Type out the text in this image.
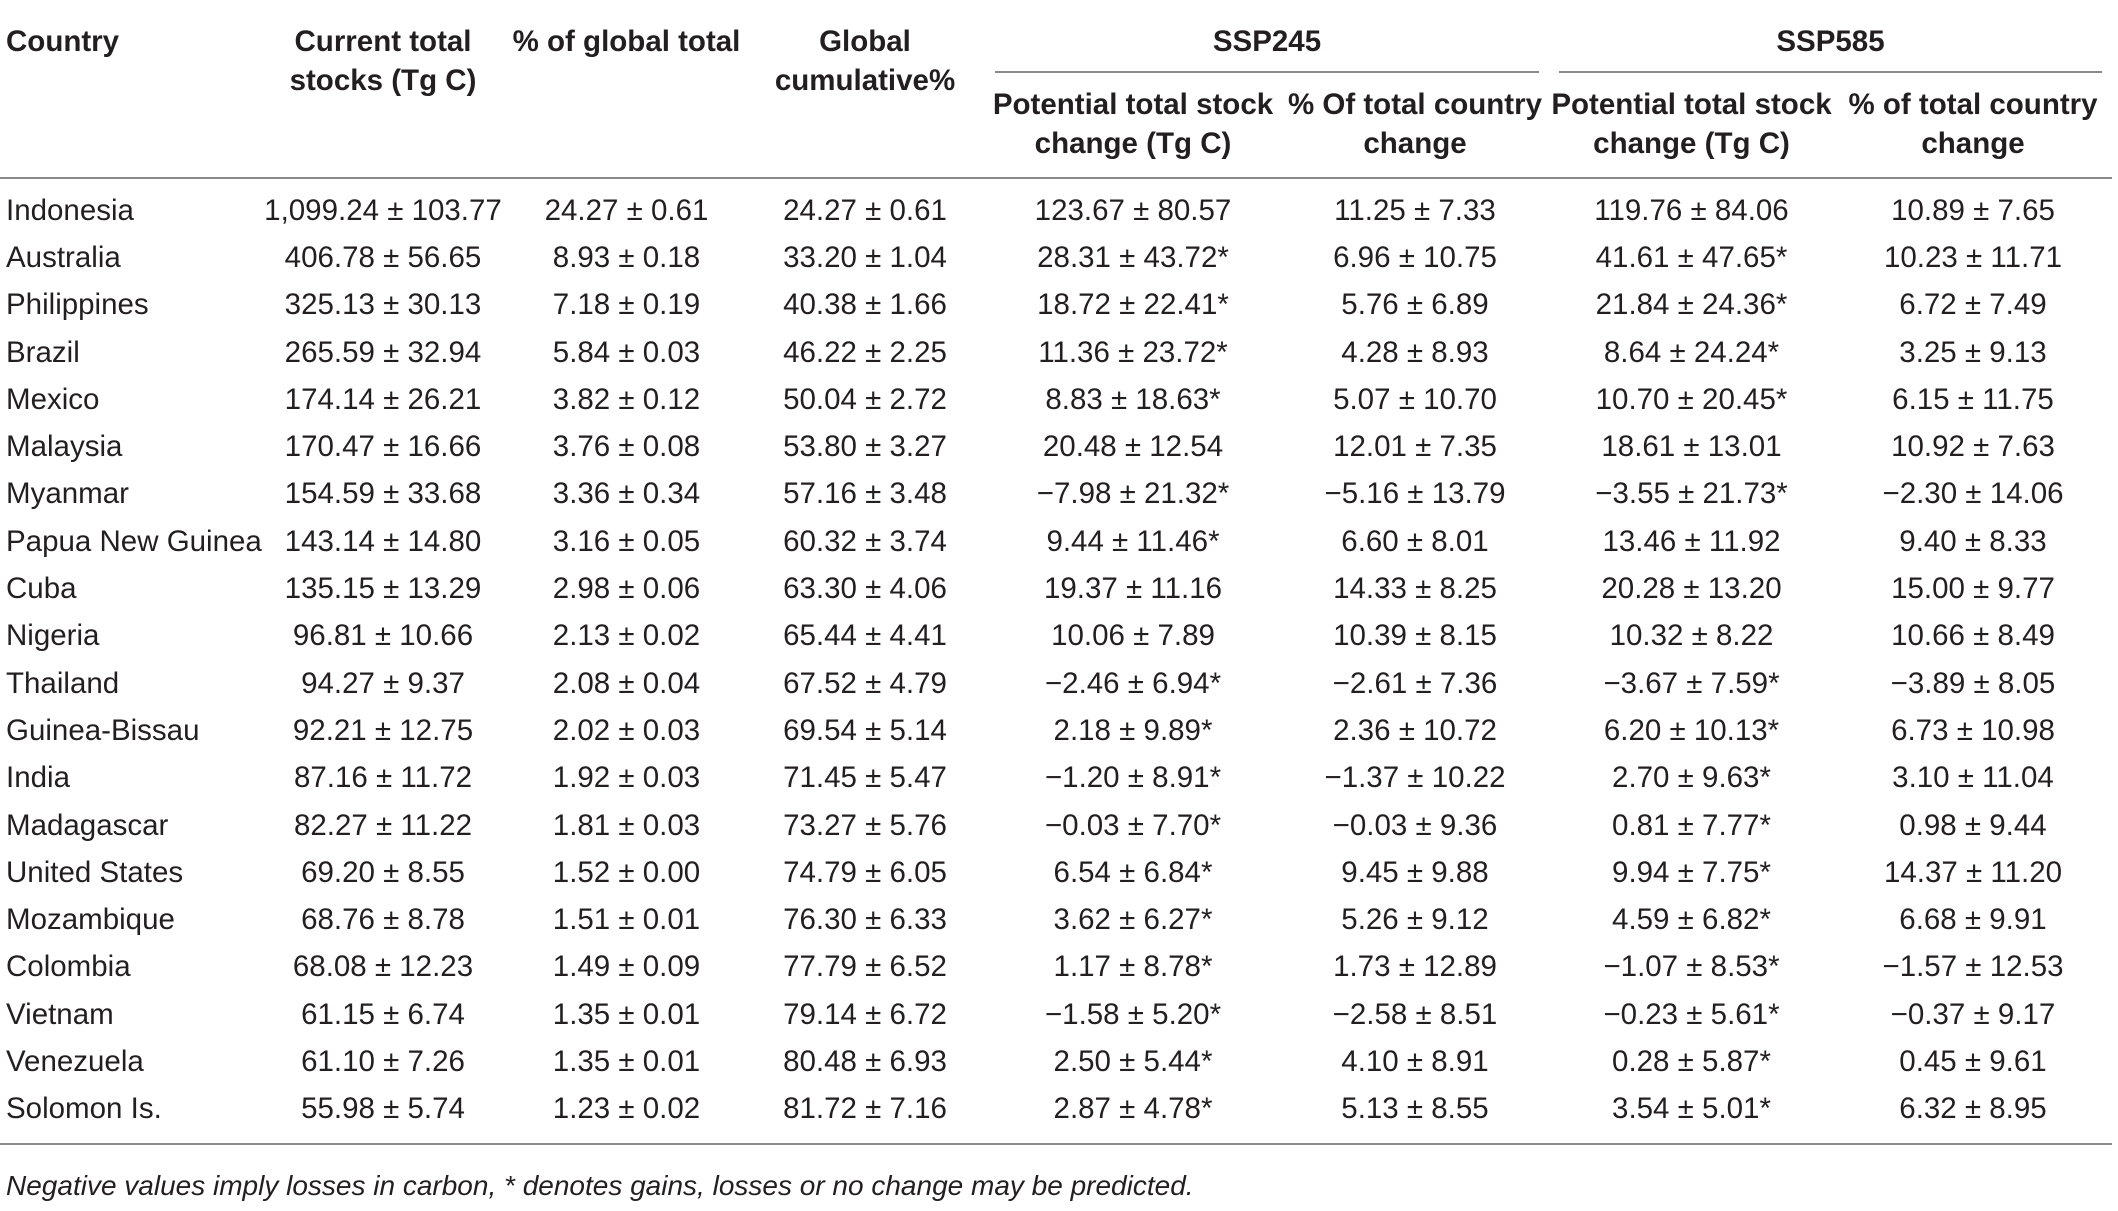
Country	Current total stocks (Tg C)	% of global total	Global cumulative%	SSP245		SSP585	

				Potential total stock change (Tg C)	% Of total country change	Potential total stock change (Tg C)	% of total country change
Indonesia	1,099.24 ± 103.77	24.27 ± 0.61	24.27 ± 0.61	123.67 ± 80.57	11.25 ± 7.33	119.76 ± 84.06	10.89 ± 7.65
Australia	406.78 ± 56.65	8.93 ± 0.18	33.20 ± 1.04	28.31 ± 43.72*	6.96 ± 10.75	41.61 ± 47.65*	10.23 ± 11.71
Philippines	325.13 ± 30.13	7.18 ± 0.19	40.38 ± 1.66	18.72 ± 22.41*	5.76 ± 6.89	21.84 ± 24.36*	6.72 ± 7.49
Brazil	265.59 ± 32.94	5.84 ± 0.03	46.22 ± 2.25	11.36 ± 23.72*	4.28 ± 8.93	8.64 ± 24.24*	3.25 ± 9.13
Mexico	174.14 ± 26.21	3.82 ± 0.12	50.04 ± 2.72	8.83 ± 18.63*	5.07 ± 10.70	10.70 ± 20.45*	6.15 ± 11.75
Malaysia	170.47 ± 16.66	3.76 ± 0.08	53.80 ± 3.27	20.48 ± 12.54	12.01 ± 7.35	18.61 ± 13.01	10.92 ± 7.63
Myanmar	154.59 ± 33.68	3.36 ± 0.34	57.16 ± 3.48	−7.98 ± 21.32*	−5.16 ± 13.79	−3.55 ± 21.73*	−2.30 ± 14.06
Papua New Guinea	143.14 ± 14.80	3.16 ± 0.05	60.32 ± 3.74	9.44 ± 11.46*	6.60 ± 8.01	13.46 ± 11.92	9.40 ± 8.33
Cuba	135.15 ± 13.29	2.98 ± 0.06	63.30 ± 4.06	19.37 ± 11.16	14.33 ± 8.25	20.28 ± 13.20	15.00 ± 9.77
Nigeria	96.81 ± 10.66	2.13 ± 0.02	65.44 ± 4.41	10.06 ± 7.89	10.39 ± 8.15	10.32 ± 8.22	10.66 ± 8.49
Thailand	94.27 ± 9.37	2.08 ± 0.04	67.52 ± 4.79	−2.46 ± 6.94*	−2.61 ± 7.36	−3.67 ± 7.59*	−3.89 ± 8.05
Guinea-Bissau	92.21 ± 12.75	2.02 ± 0.03	69.54 ± 5.14	2.18 ± 9.89*	2.36 ± 10.72	6.20 ± 10.13*	6.73 ± 10.98
India	87.16 ± 11.72	1.92 ± 0.03	71.45 ± 5.47	−1.20 ± 8.91*	−1.37 ± 10.22	2.70 ± 9.63*	3.10 ± 11.04
Madagascar	82.27 ± 11.22	1.81 ± 0.03	73.27 ± 5.76	−0.03 ± 7.70*	−0.03 ± 9.36	0.81 ± 7.77*	0.98 ± 9.44
United States	69.20 ± 8.55	1.52 ± 0.00	74.79 ± 6.05	6.54 ± 6.84*	9.45 ± 9.88	9.94 ± 7.75*	14.37 ± 11.20
Mozambique	68.76 ± 8.78	1.51 ± 0.01	76.30 ± 6.33	3.62 ± 6.27*	5.26 ± 9.12	4.59 ± 6.82*	6.68 ± 9.91
Colombia	68.08 ± 12.23	1.49 ± 0.09	77.79 ± 6.52	1.17 ± 8.78*	1.73 ± 12.89	−1.07 ± 8.53*	−1.57 ± 12.53
Vietnam	61.15 ± 6.74	1.35 ± 0.01	79.14 ± 6.72	−1.58 ± 5.20*	−2.58 ± 8.51	−0.23 ± 5.61*	−0.37 ± 9.17
Venezuela	61.10 ± 7.26	1.35 ± 0.01	80.48 ± 6.93	2.50 ± 5.44*	4.10 ± 8.91	0.28 ± 5.87*	0.45 ± 9.61
Solomon Is.	55.98 ± 5.74	1.23 ± 0.02	81.72 ± 7.16	2.87 ± 4.78*	5.13 ± 8.55	3.54 ± 5.01*	6.32 ± 8.95
Negative values imply losses in carbon, * denotes gains, losses or no change may be predicted.
